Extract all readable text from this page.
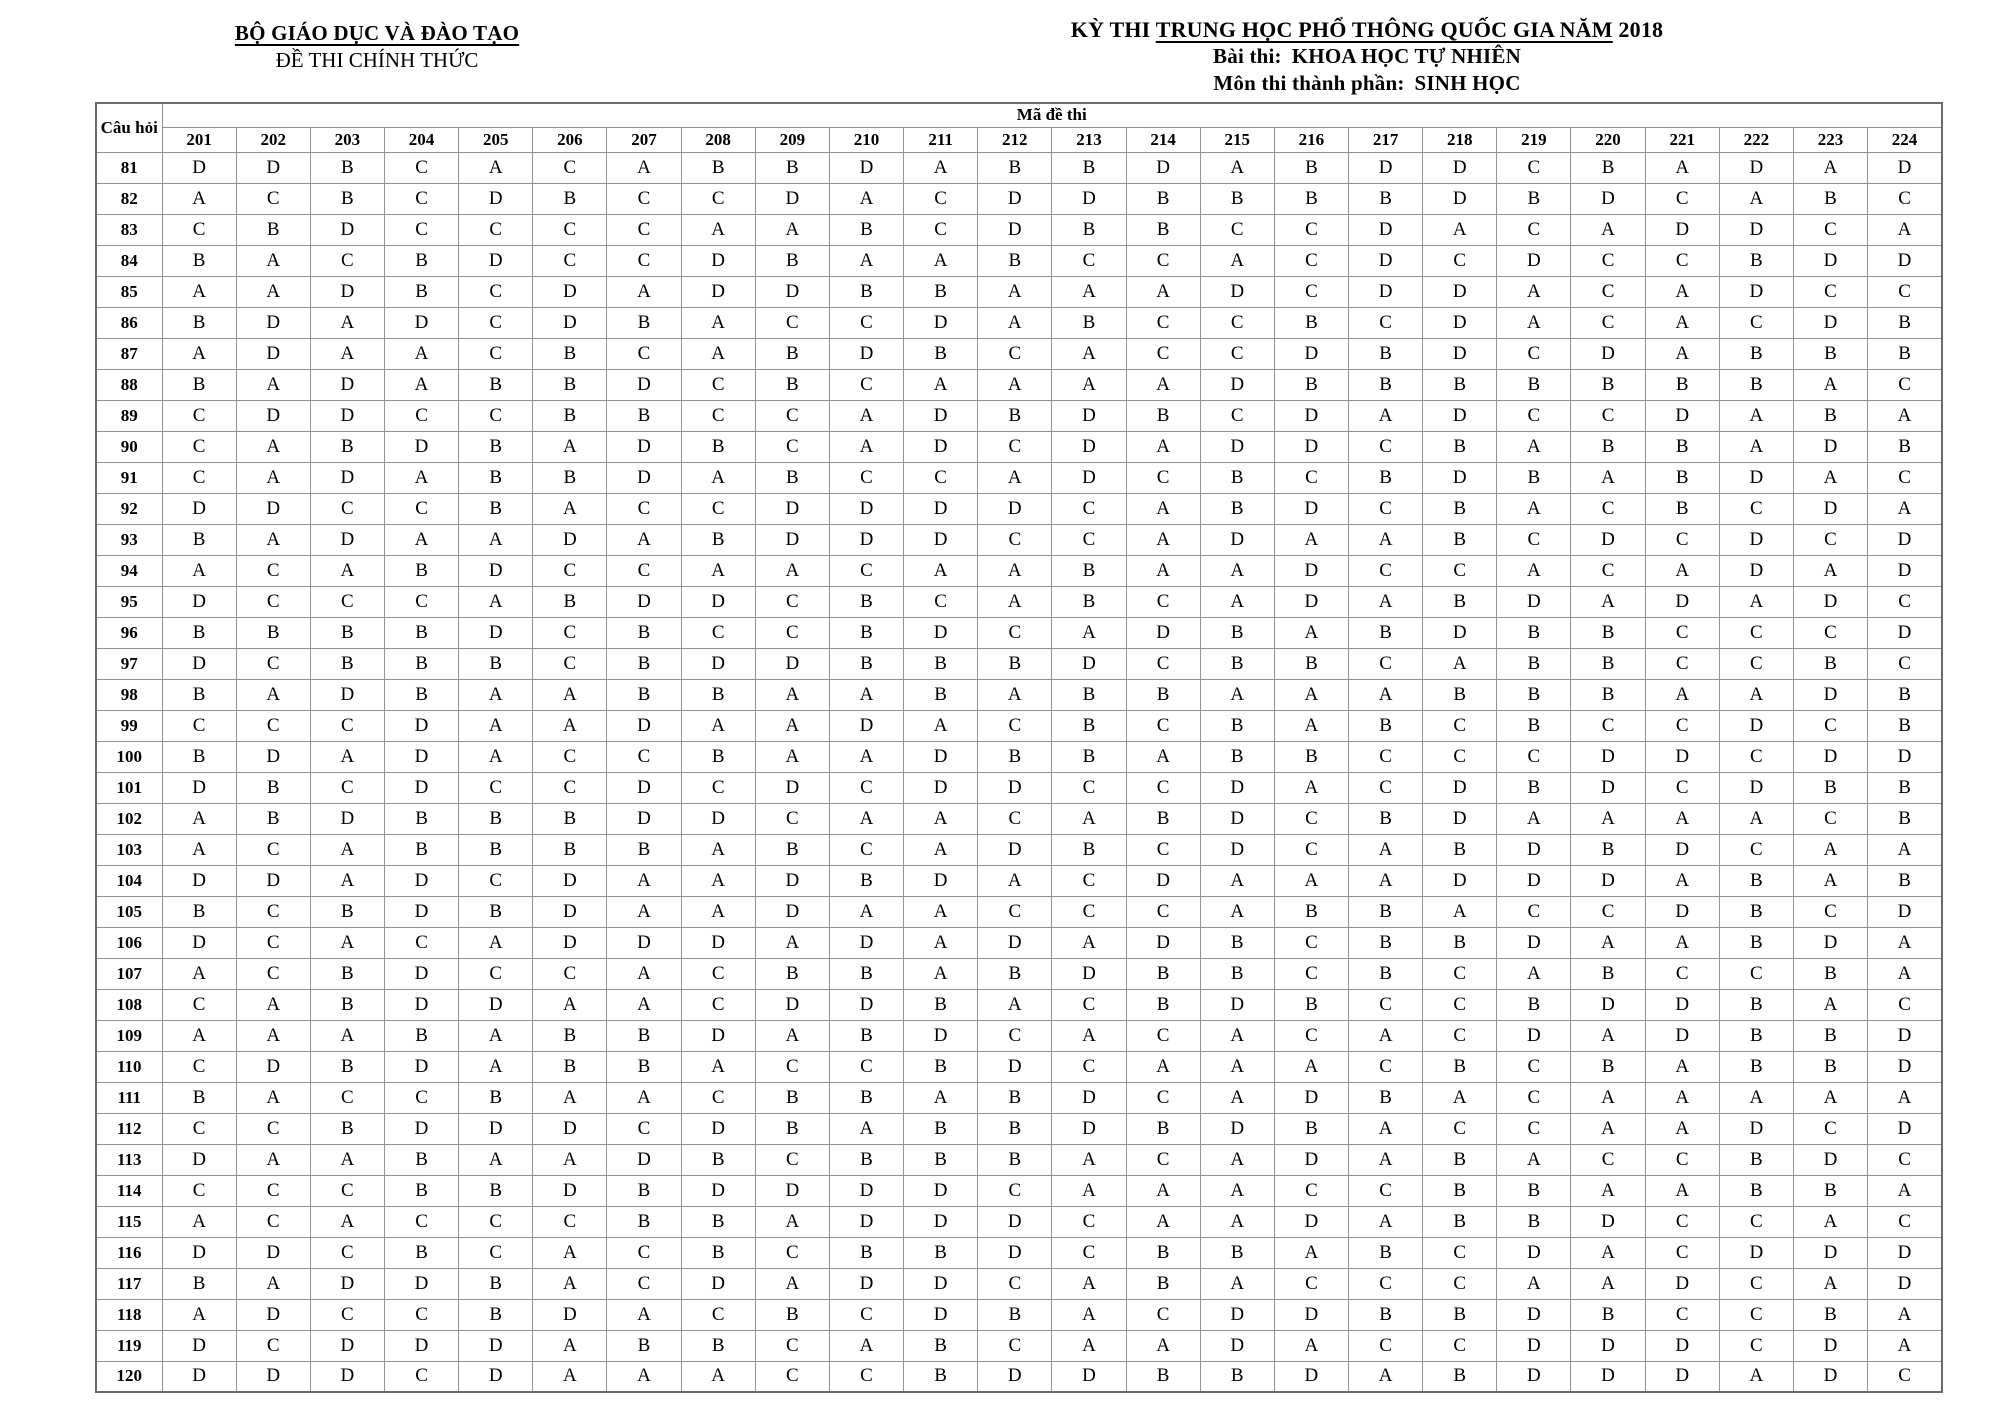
BỘ GIÁO DỤC VÀ ĐÀO TẠO
ĐỀ THI CHÍNH THỨC
KỲ THI TRUNG HỌC PHỔ THÔNG QUỐC GIA NĂM 2018
Bài thi: KHOA HỌC TỰ NHIÊN
Môn thi thành phần: SINH HỌC
Câu hỏi	Mã đề thi																							
	201	202	203	204	205	206	207	208	209	210	211	212	213	214	215	216	217	218	219	220	221	222	223	224
81	D	D	B	C	A	C	A	B	B	D	A	B	B	D	A	B	D	D	C	B	A	D	A	D
82	A	C	B	C	D	B	C	C	D	A	C	D	D	B	B	B	B	D	B	D	C	A	B	C
83	C	B	D	C	C	C	C	A	A	B	C	D	B	B	C	C	D	A	C	A	D	D	C	A
84	B	A	C	B	D	C	C	D	B	A	A	B	C	C	A	C	D	C	D	C	C	B	D	D
85	A	A	D	B	C	D	A	D	D	B	B	A	A	A	D	C	D	D	A	C	A	D	C	C
86	B	D	A	D	C	D	B	A	C	C	D	A	B	C	C	B	C	D	A	C	A	C	D	B
87	A	D	A	A	C	B	C	A	B	D	B	C	A	C	C	D	B	D	C	D	A	B	B	B
88	B	A	D	A	B	B	D	C	B	C	A	A	A	A	D	B	B	B	B	B	B	B	A	C
89	C	D	D	C	C	B	B	C	C	A	D	B	D	B	C	D	A	D	C	C	D	A	B	A
90	C	A	B	D	B	A	D	B	C	A	D	C	D	A	D	D	C	B	A	B	B	A	D	B
91	C	A	D	A	B	B	D	A	B	C	C	A	D	C	B	C	B	D	B	A	B	D	A	C
92	D	D	C	C	B	A	C	C	D	D	D	D	C	A	B	D	C	B	A	C	B	C	D	A
93	B	A	D	A	A	D	A	B	D	D	D	C	C	A	D	A	A	B	C	D	C	D	C	D
94	A	C	A	B	D	C	C	A	A	C	A	A	B	A	A	D	C	C	A	C	A	D	A	D
95	D	C	C	C	A	B	D	D	C	B	C	A	B	C	A	D	A	B	D	A	D	A	D	C
96	B	B	B	B	D	C	B	C	C	B	D	C	A	D	B	A	B	D	B	B	C	C	C	D
97	D	C	B	B	B	C	B	D	D	B	B	B	D	C	B	B	C	A	B	B	C	C	B	C
98	B	A	D	B	A	A	B	B	A	A	B	A	B	B	A	A	A	B	B	B	A	A	D	B
99	C	C	C	D	A	A	D	A	A	D	A	C	B	C	B	A	B	C	B	C	C	D	C	B
100	B	D	A	D	A	C	C	B	A	A	D	B	B	A	B	B	C	C	C	D	D	C	D	D
101	D	B	C	D	C	C	D	C	D	C	D	D	C	C	D	A	C	D	B	D	C	D	B	B
102	A	B	D	B	B	B	D	D	C	A	A	C	A	B	D	C	B	D	A	A	A	A	C	B
103	A	C	A	B	B	B	B	A	B	C	A	D	B	C	D	C	A	B	D	B	D	C	A	A
104	D	D	A	D	C	D	A	A	D	B	D	A	C	D	A	A	A	D	D	D	A	B	A	B
105	B	C	B	D	B	D	A	A	D	A	A	C	C	C	A	B	B	A	C	C	D	B	C	D
106	D	C	A	C	A	D	D	D	A	D	A	D	A	D	B	C	B	B	D	A	A	B	D	A
107	A	C	B	D	C	C	A	C	B	B	A	B	D	B	B	C	B	C	A	B	C	C	B	A
108	C	A	B	D	D	A	A	C	D	D	B	A	C	B	D	B	C	C	B	D	D	B	A	C
109	A	A	A	B	A	B	B	D	A	B	D	C	A	C	A	C	A	C	D	A	D	B	B	D
110	C	D	B	D	A	B	B	A	C	C	B	D	C	A	A	A	C	B	C	B	A	B	B	D
111	B	A	C	C	B	A	A	C	B	B	A	B	D	C	A	D	B	A	C	A	A	A	A	A
112	C	C	B	D	D	D	C	D	B	A	B	B	D	B	D	B	A	C	C	A	A	D	C	D
113	D	A	A	B	A	A	D	B	C	B	B	B	A	C	A	D	A	B	A	C	C	B	D	C
114	C	C	C	B	B	D	B	D	D	D	D	C	A	A	A	C	C	B	B	A	A	B	B	A
115	A	C	A	C	C	C	B	B	A	D	D	D	C	A	A	D	A	B	B	D	C	C	A	C
116	D	D	C	B	C	A	C	B	C	B	B	D	C	B	B	A	B	C	D	A	C	D	D	D
117	B	A	D	D	B	A	C	D	A	D	D	C	A	B	A	C	C	C	A	A	D	C	A	D
118	A	D	C	C	B	D	A	C	B	C	D	B	A	C	D	D	B	B	D	B	C	C	B	A
119	D	C	D	D	D	A	B	B	C	A	B	C	A	A	D	A	C	C	D	D	D	C	D	A
120	D	D	D	C	D	A	A	A	C	C	B	D	D	B	B	D	A	B	D	D	D	A	D	C
